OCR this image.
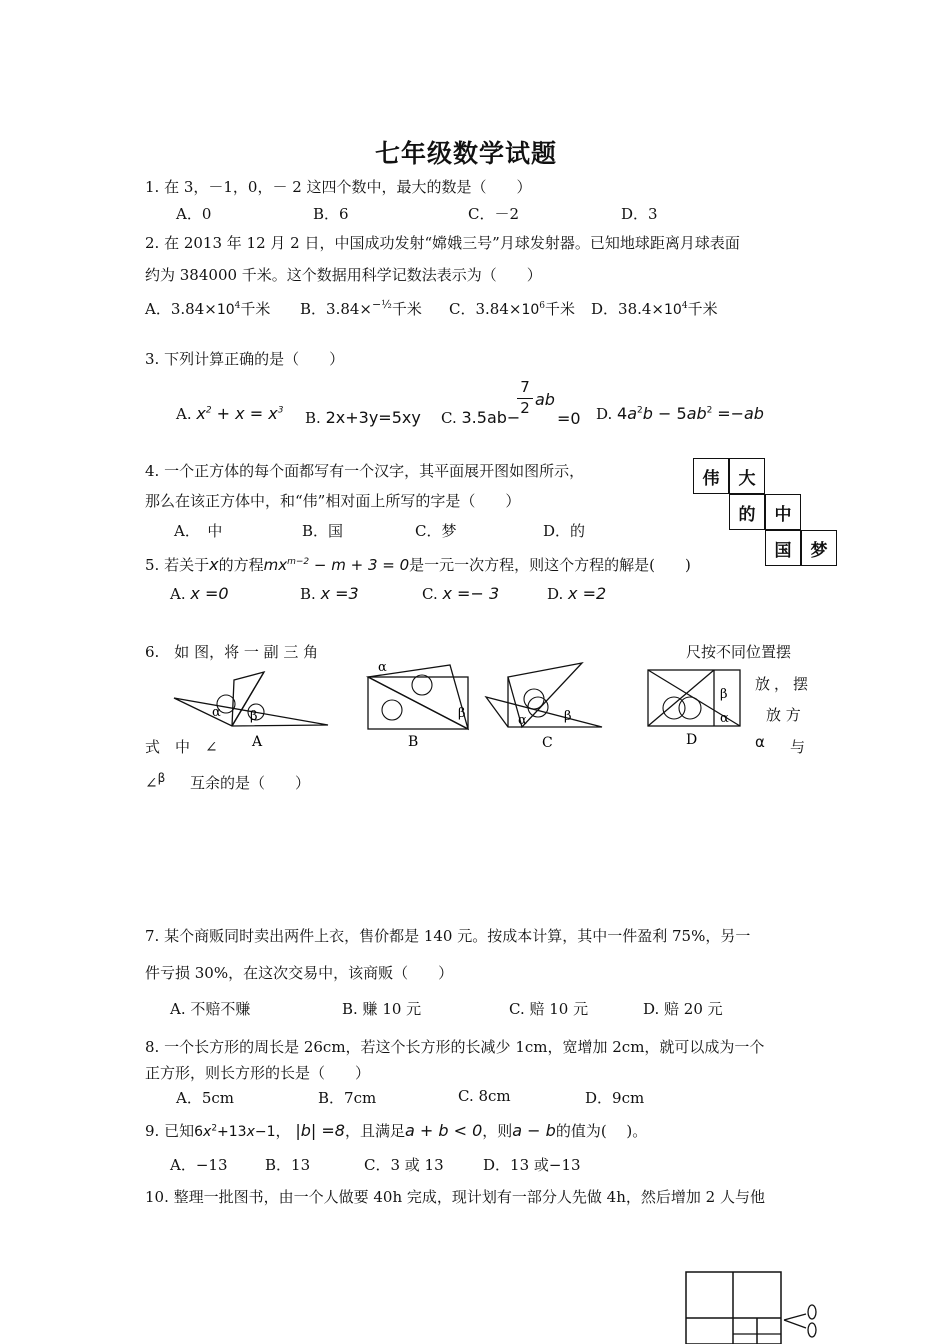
七年级数学试题
1. 在 3，－1，0，－ 2 这四个数中，最大的数是（　　）
A．0	B．6	C．－2	D．3
2. 在 2013 年 12 月 2 日，中国成功发射“嫦娥三号”月球发射器。已知地球距离月球表面
约为 384000 千米。这个数据用科学记数法表示为（　　）
A．$3.84\times 10^4$千米 B．3.84×$^{-\frac{1}{2}}$千米 C．$3.84\times 10^6$千米 D．$38.4\times 10^4$千米
3. 下列计算正确的是（　　）
A. $x^2 + x = x^3$ B. 2x+3y=5xy C. 3.5ab−
7
2 ab
=0 D. $4a^2b - 5ab^2 =-ab$
4. 一个正方体的每个面都写有一个汉字，其平面展开图如图所示，
那么在该正方体中，和“伟”相对面上所写的字是（　　）
A．　中	B．国	C．梦	D．的
伟	大
的	中
国	梦
5. 若关于x的方程$mx^{m-2} - m + 3 = 0$是一元一次方程，则这个方程的解是(　　)
A. x =0	B. x =3	C. x =− 3	D. x =2
6.　如 图，将 一 副 三 角	尺按不同位置摆
放，摆
放 方
式　中　∠	α 与
∠$^\beta$ 互余的是（　　）
α β
A
α
β
B
α	β
C
β
α
D
7. 某个商贩同时卖出两件上衣，售价都是 140 元。按成本计算，其中一件盈利 75%，另一
件亏损 30%，在这次交易中，该商贩（　　）
A. 不赔不赚	B. 赚 10 元	C. 赔 10 元	D. 赔 20 元
8. 一个长方形的周长是 26cm，若这个长方形的长减少 1cm，宽增加 2cm，就可以成为一个
正方形，则长方形的长是（　　）
A．5cm	B．7cm	C. 8cm	D．9cm
9. 已知$6x^2+13x-1$， |b| =8，且满足a + b < 0，则a − b的值为(　 )。
A．−13	B．13	C．3 或 13	D．13 或−13
10. 整理一批图书，由一个人做要 40h 完成，现计划有一部分人先做 4h，然后增加 2 人与他
